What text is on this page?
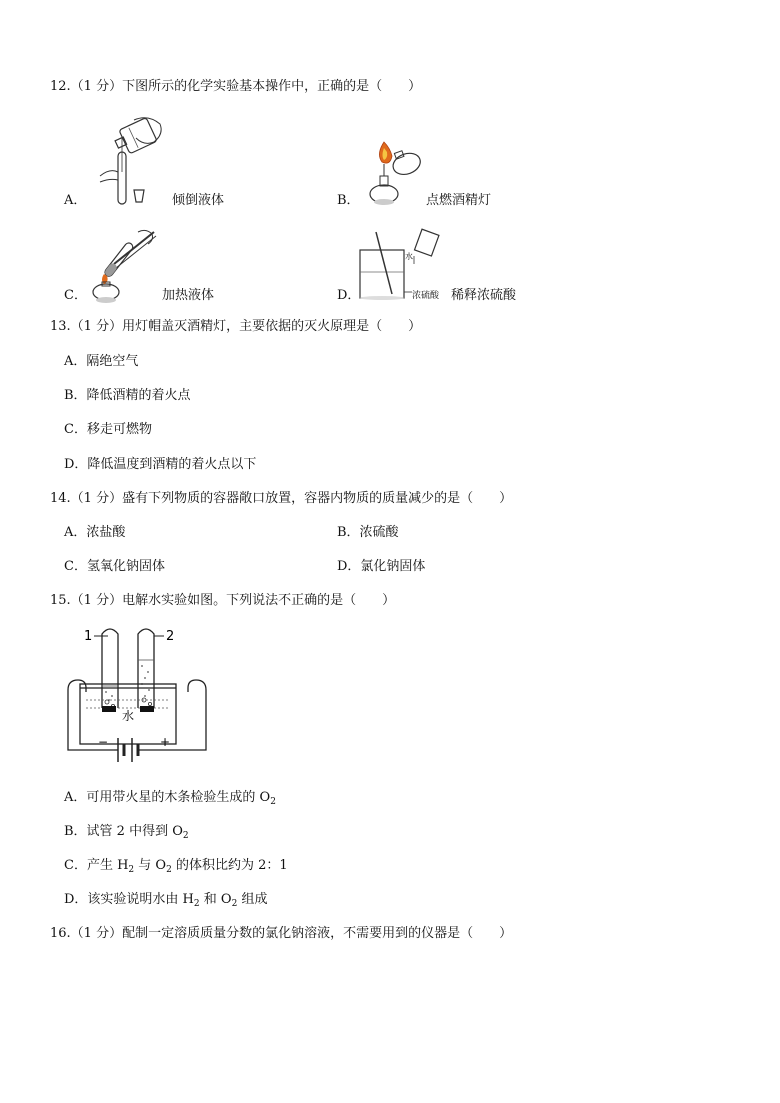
12.（1 分）下图所示的化学实验基本操作中，正确的是（　　）
A．	倾倒液体	B．	点燃酒精灯
C．	加热液体
水
浓硫酸
D．	稀释浓硫酸
13.（1 分）用灯帽盖灭酒精灯，主要依据的灭火原理是（　　）
A．隔绝空气
B．降低酒精的着火点
C．移走可燃物
D．降低温度到酒精的着火点以下
14.（1 分）盛有下列物质的容器敞口放置，容器内物质的质量减少的是（　　）
A．浓盐酸	B．浓硫酸
C．氢氧化钠固体	D．氯化钠固体
15.（1 分）电解水实验如图。下列说法不正确的是（　　）
1	2
水
−	+
A．可用带火星的木条检验生成的 $O_2$
B．试管 2 中得到 $O_2$
C．产生 $H_2$ 与 $O_2$ 的体积比约为 2：1
D．该实验说明水由 $H_2$ 和 $O_2$ 组成
16.（1 分）配制一定溶质质量分数的氯化钠溶液，不需要用到的仪器是（　　）
